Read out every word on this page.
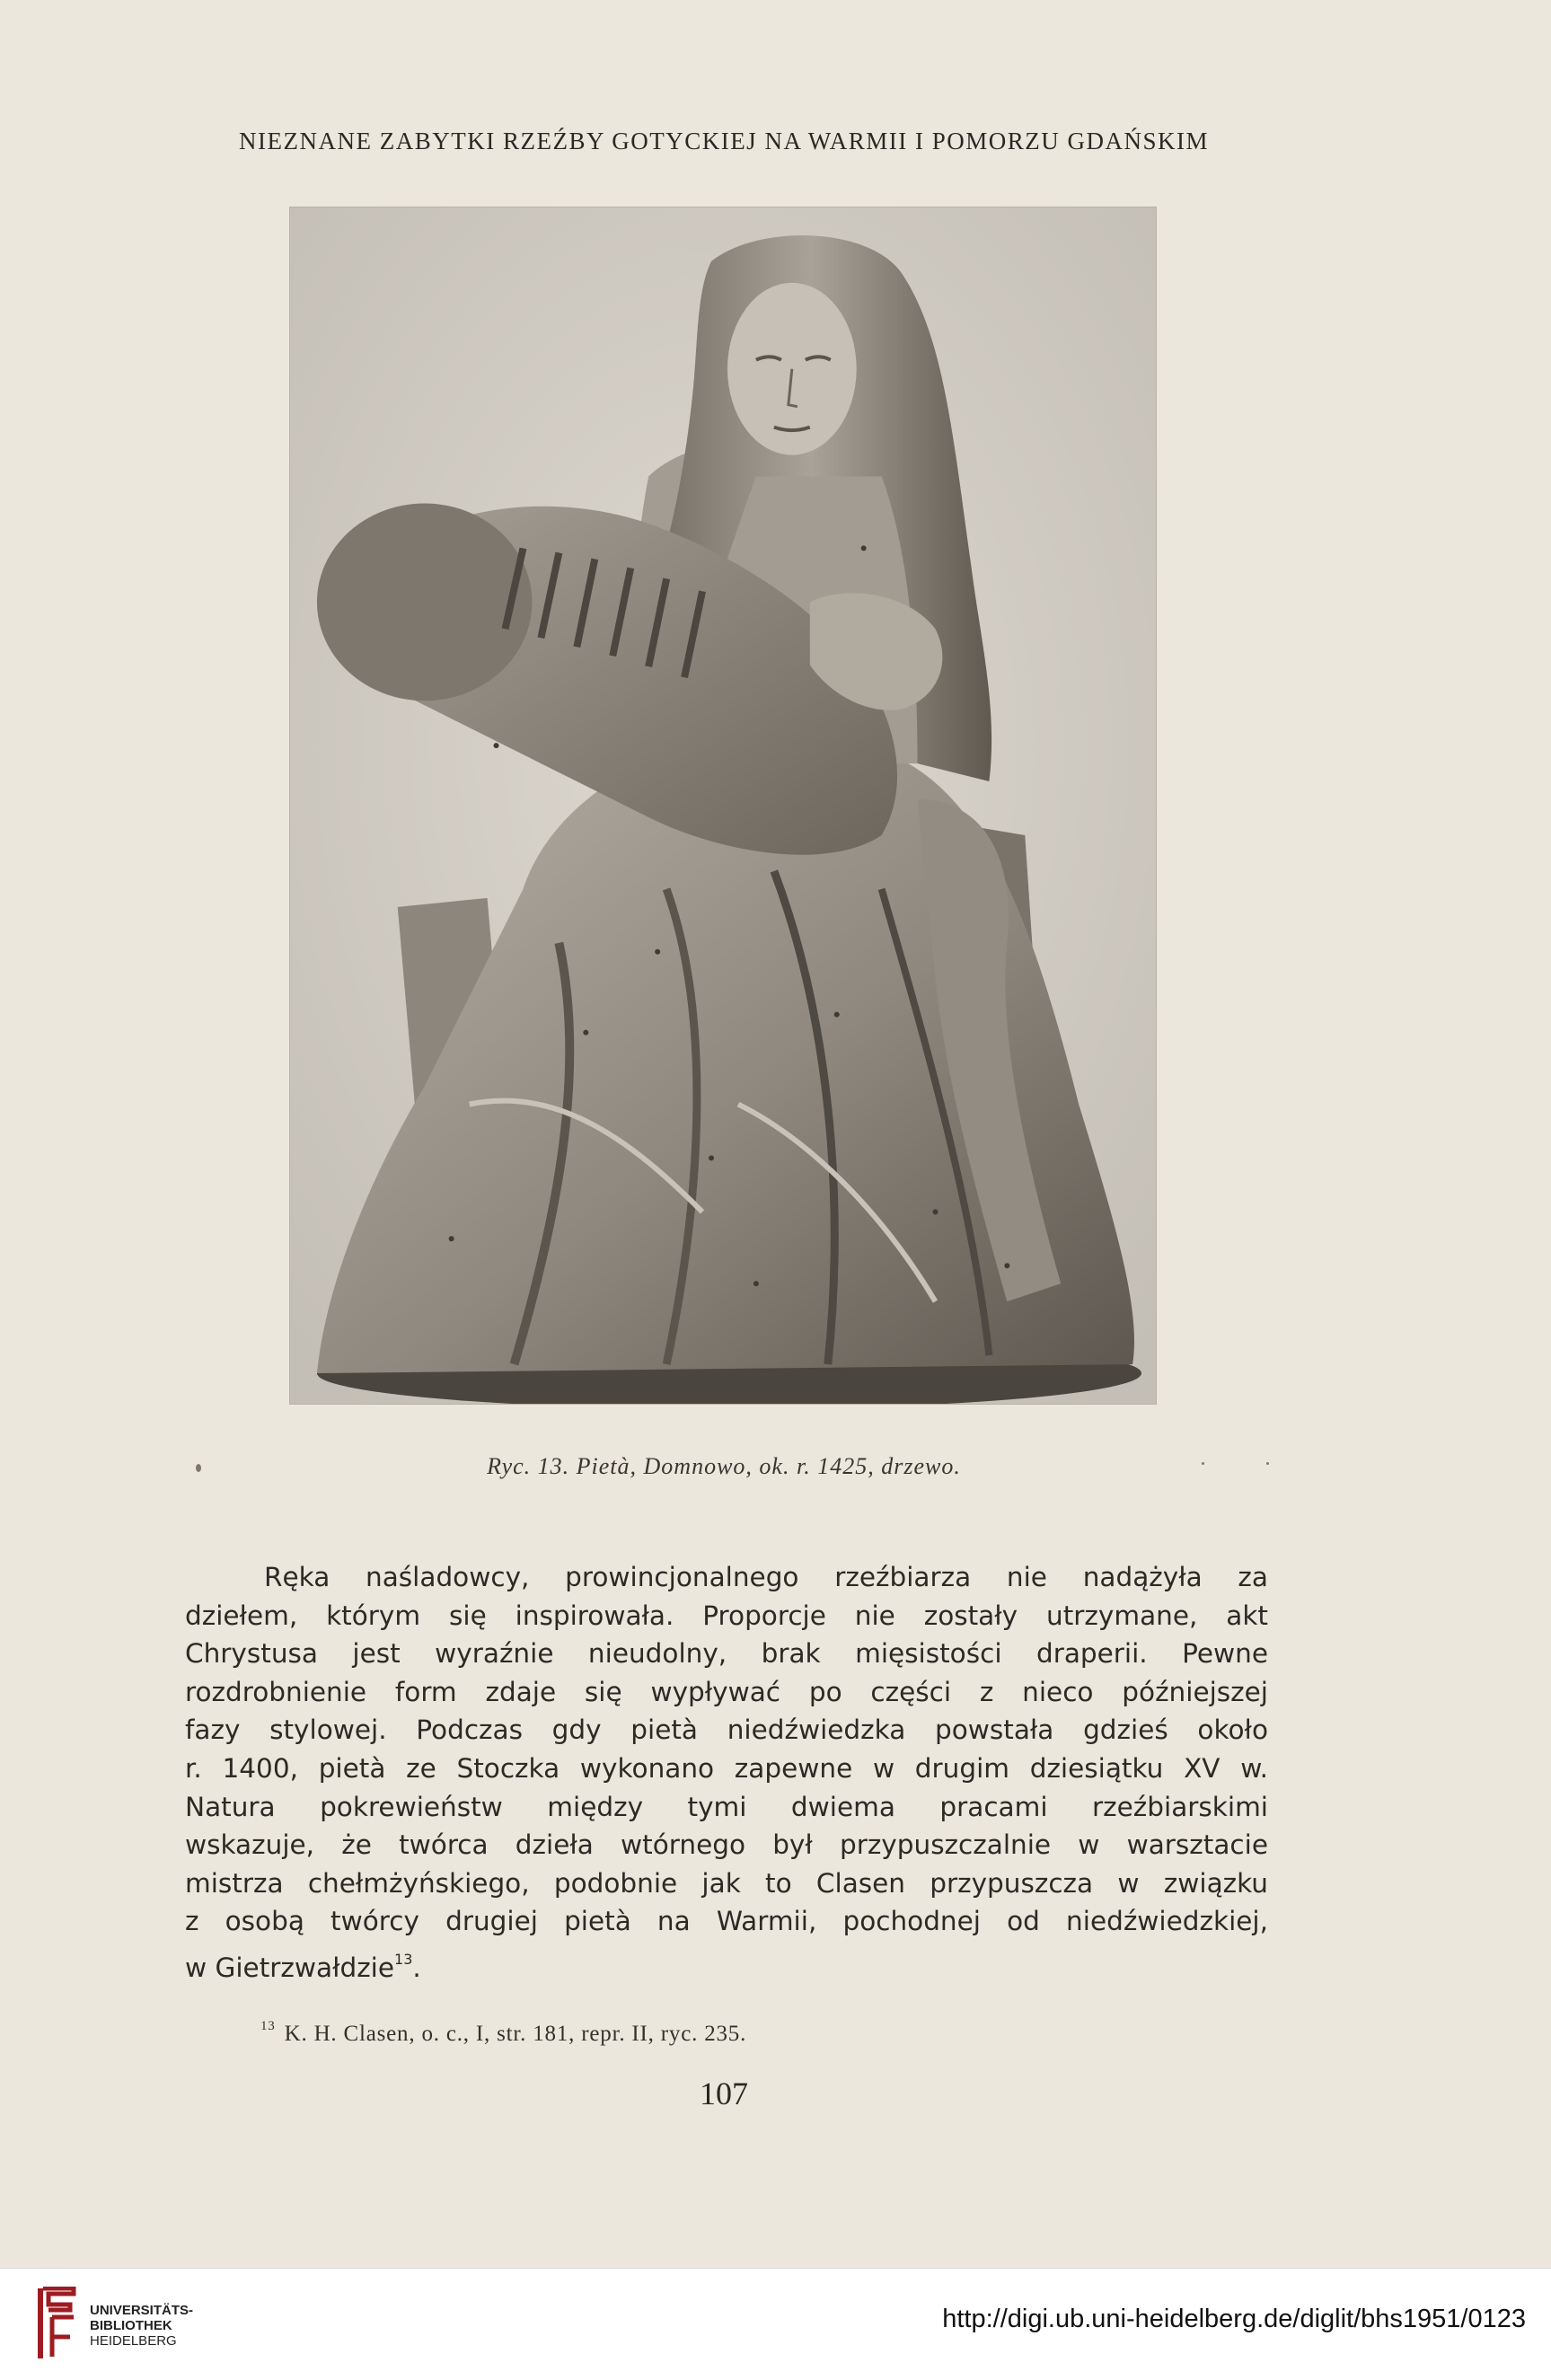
NIEZNANE ZABYTKI RZEŹBY GOTYCKIEJ NA WARMII I POMORZU GDAŃSKIM
Ryc. 13. Pietà, Domnowo, ok. r. 1425, drzewo.
Ręka naśladowcy, prowincjonalnego rzeźbiarza nie nadążyła za
dziełem, którym się inspirowała. Proporcje nie zostały utrzymane, akt
Chrystusa jest wyraźnie nieudolny, brak mięsistości draperii. Pewne
rozdrobnienie form zdaje się wypływać po części z nieco późniejszej
fazy stylowej. Podczas gdy pietà niedźwiedzka powstała gdzieś około
r. 1400, pietà ze Stoczka wykonano zapewne w drugim dziesiątku XV w.
Natura pokrewieństw między tymi dwiema pracami rzeźbiarskimi
wskazuje, że twórca dzieła wtórnego był przypuszczalnie w warsztacie
mistrza chełmżyńskiego, podobnie jak to Clasen przypuszcza w związku
z osobą twórcy drugiej pietà na Warmii, pochodnej od niedźwiedzkiej,
w Gietrzwałdzie$^{13}$.
$^{13}$ K. H. Clasen, o. c., I, str. 181, repr. II, ryc. 235.
107
UNIVERSITÄTS-
BIBLIOTHEK
HEIDELBERG
http://digi.ub.uni-heidelberg.de/diglit/bhs1951/0123
